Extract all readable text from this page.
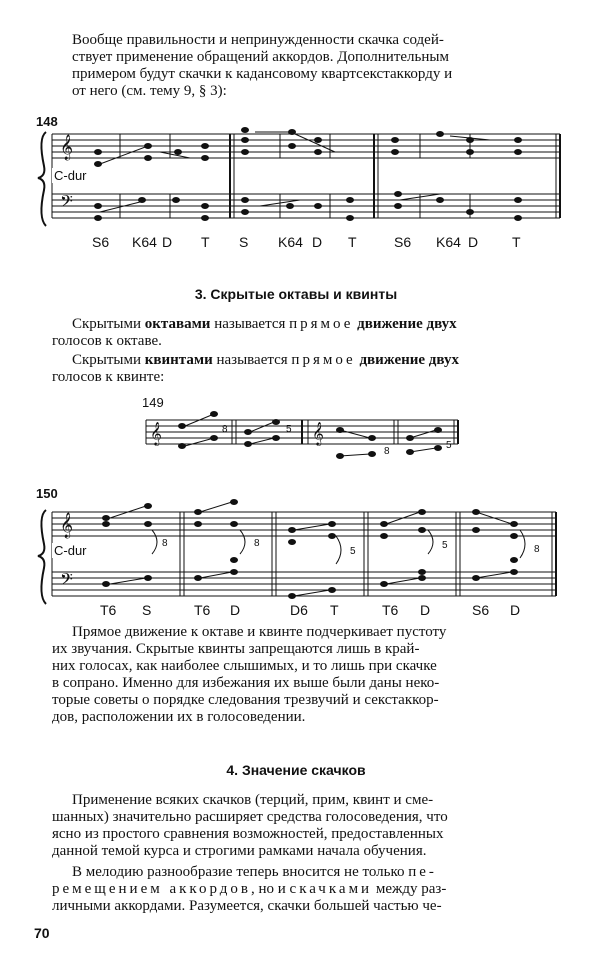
Вообще правильности и непринужденности скачка содей-
ствует применение обращений аккордов. Дополнительным
примером будут скачки к кадансовому квартсекстаккорду и
от него (см. тему 9, § 3):
148
𝄞
𝄢
C-dur
S6 K64 D T S K64 D T	S6 K64 D T
3. Скрытые октавы и квинты
Скрытыми октавами называется прямое движение двух
голосов к октаве.
Скрытыми квинтами называется прямое движение двух
голосов к квинте:
149
𝄞	𝄞
8	5
8
5
150
𝄞
𝄢
C-dur	8	8
5
5	8
T6 S	T6 D	D6 T	T6 D	S6 D
Прямое движение к октаве и квинте подчеркивает пустоту
их звучания. Скрытые квинты запрещаются лишь в край-
них голосах, как наиболее слышимых, и то лишь при скачке
в сопрано. Именно для избежания их выше были даны неко-
торые советы о порядке следования трезвучий и секстаккор-
дов, расположении их в голосоведении.
4. Значение скачков
Применение всяких скачков (терций, прим, квинт и сме-
шанных) значительно расширяет средства голосоведения, что
ясно из простого сравнения возможностей, предоставленных
данной темой курса и строгими рамками начала обучения.
В мелодию разнообразие теперь вносится не только пе-
ремещением аккордов, но и скачками между раз-
личными аккордами. Разумеется, скачки большей частью че-
70
